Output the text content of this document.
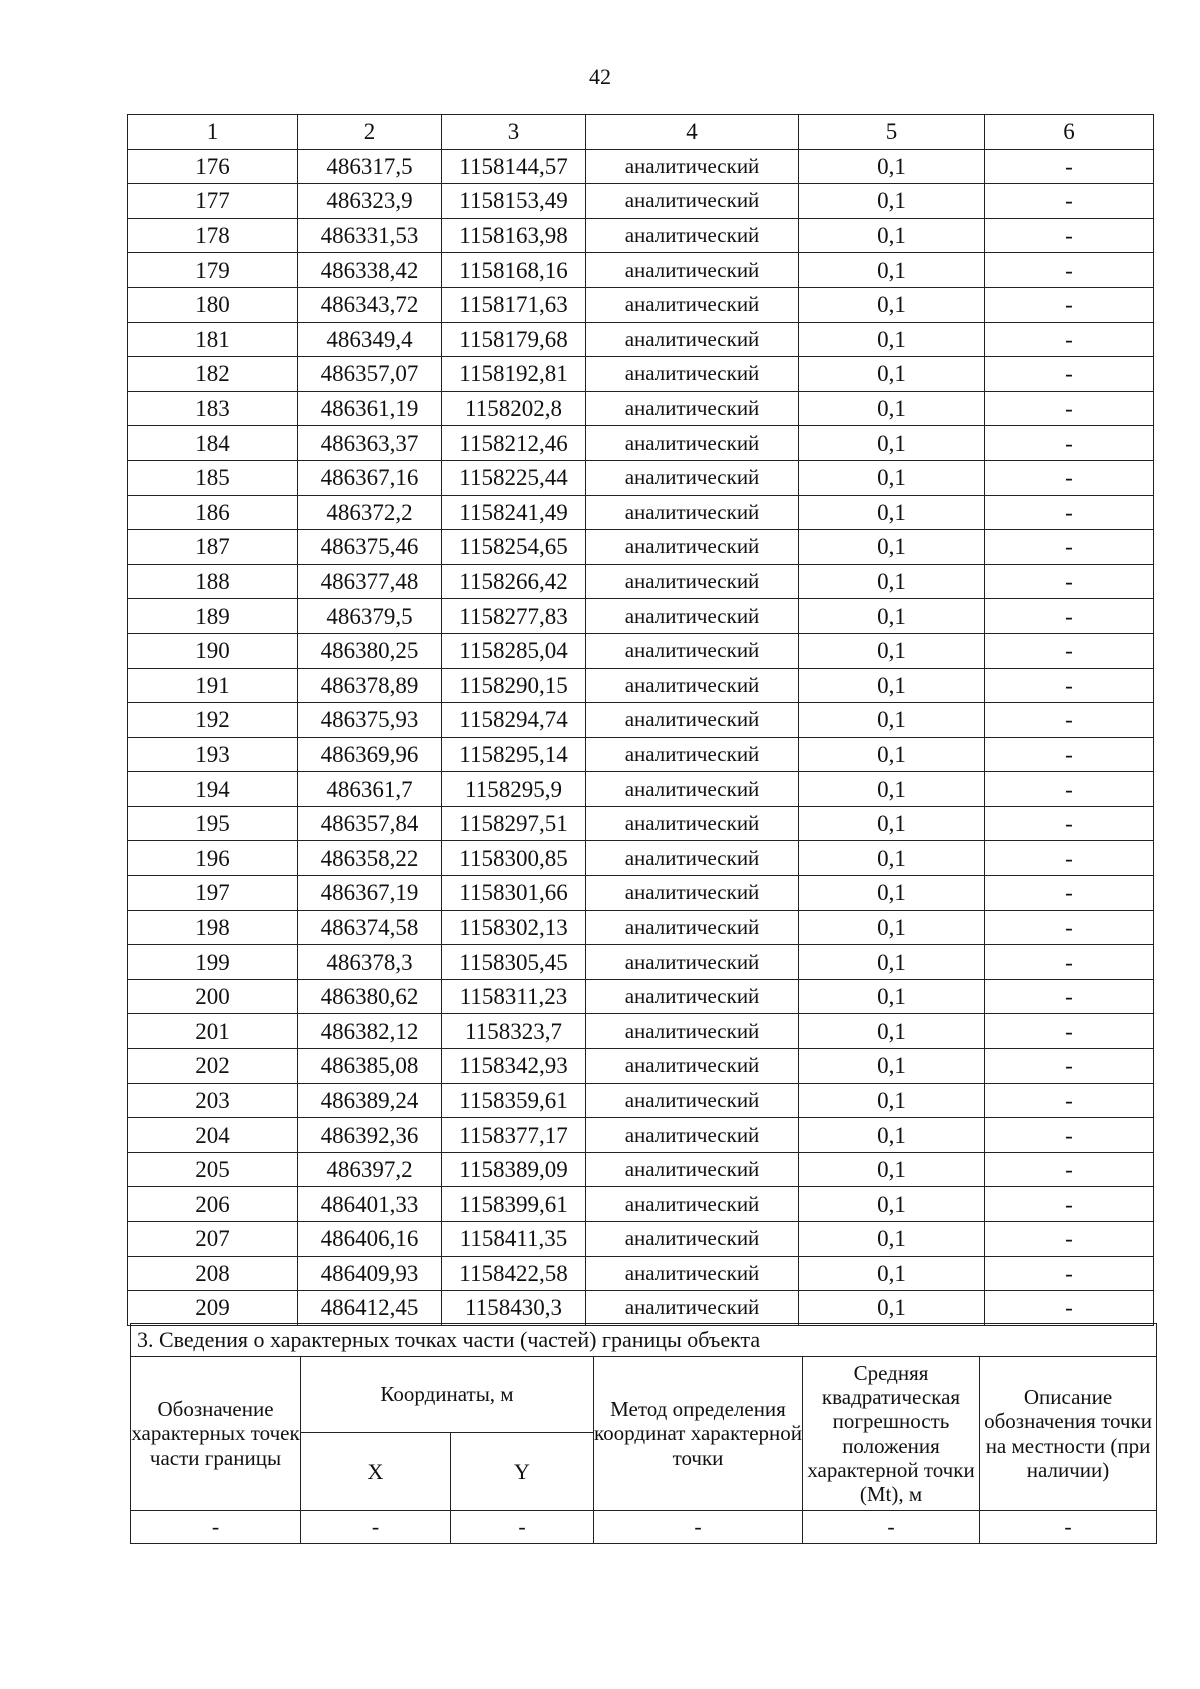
42
1	2	3	4	5	6
176	486317,5	1158144,57	аналитический	0,1	-
177	486323,9	1158153,49	аналитический	0,1	-
178	486331,53	1158163,98	аналитический	0,1	-
179	486338,42	1158168,16	аналитический	0,1	-
180	486343,72	1158171,63	аналитический	0,1	-
181	486349,4	1158179,68	аналитический	0,1	-
182	486357,07	1158192,81	аналитический	0,1	-
183	486361,19	1158202,8	аналитический	0,1	-
184	486363,37	1158212,46	аналитический	0,1	-
185	486367,16	1158225,44	аналитический	0,1	-
186	486372,2	1158241,49	аналитический	0,1	-
187	486375,46	1158254,65	аналитический	0,1	-
188	486377,48	1158266,42	аналитический	0,1	-
189	486379,5	1158277,83	аналитический	0,1	-
190	486380,25	1158285,04	аналитический	0,1	-
191	486378,89	1158290,15	аналитический	0,1	-
192	486375,93	1158294,74	аналитический	0,1	-
193	486369,96	1158295,14	аналитический	0,1	-
194	486361,7	1158295,9	аналитический	0,1	-
195	486357,84	1158297,51	аналитический	0,1	-
196	486358,22	1158300,85	аналитический	0,1	-
197	486367,19	1158301,66	аналитический	0,1	-
198	486374,58	1158302,13	аналитический	0,1	-
199	486378,3	1158305,45	аналитический	0,1	-
200	486380,62	1158311,23	аналитический	0,1	-
201	486382,12	1158323,7	аналитический	0,1	-
202	486385,08	1158342,93	аналитический	0,1	-
203	486389,24	1158359,61	аналитический	0,1	-
204	486392,36	1158377,17	аналитический	0,1	-
205	486397,2	1158389,09	аналитический	0,1	-
206	486401,33	1158399,61	аналитический	0,1	-
207	486406,16	1158411,35	аналитический	0,1	-
208	486409,93	1158422,58	аналитический	0,1	-
209	486412,45	1158430,3	аналитический	0,1	-
3. Сведения о характерных точках части (частей) границы объекта					
Обозначение характерных точек части границы	Координаты, м		Метод определения координат характерной точки	Средняя квадратическая погрешность положения характерной точки (Mt), м	Описание обозначения точки на местности (при наличии)
	X	Y			
-	-	-	-	-	-
